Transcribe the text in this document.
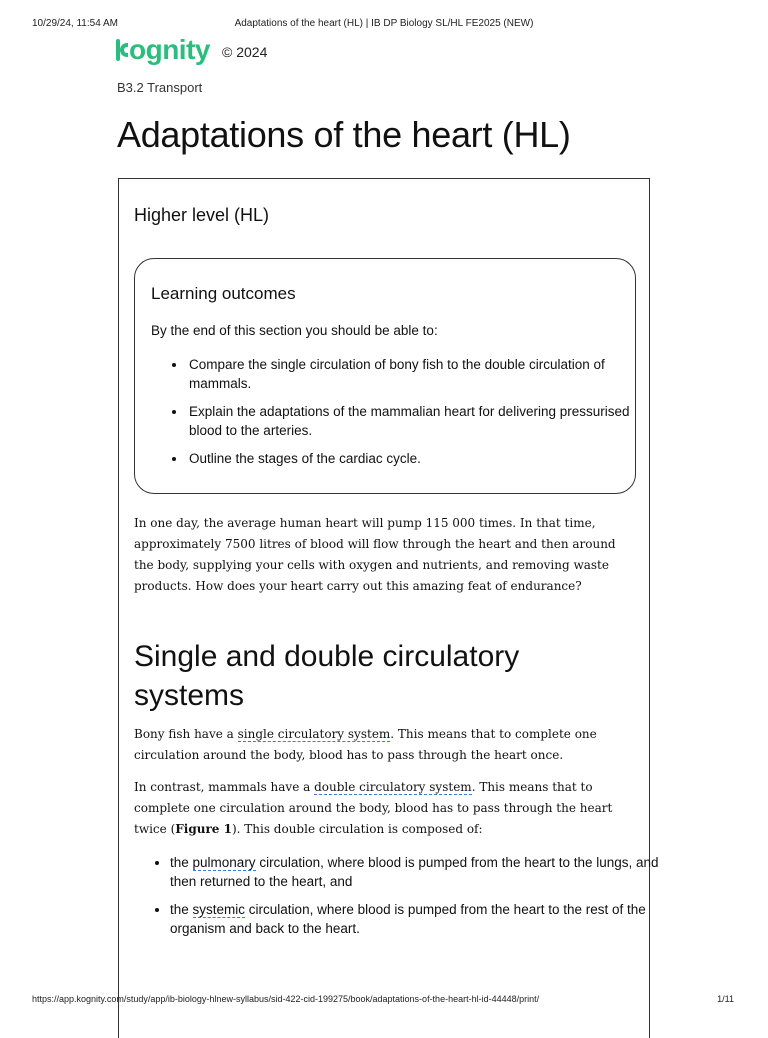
10/29/24, 11:54 AM	Adaptations of the heart (HL) | IB DP Biology SL/HL FE2025 (NEW)
ognity © 2024
B3.2 Transport
Adaptations of the heart (HL)
Higher level (HL)
Learning outcomes

By the end of this section you should be able to:

• Compare the single circulation of bony fish to the double circulation of mammals.
• Explain the adaptations of the mammalian heart for delivering pressurised blood to the arteries.
• Outline the stages of the cardiac cycle.

In one day, the average human heart will pump 115 000 times. In that time, approximately 7500 litres of blood will flow through the heart and then around the body, supplying your cells with oxygen and nutrients, and removing waste products. How does your heart carry out this amazing feat of endurance?

Single and double circulatory systems

Bony fish have a single circulatory system. This means that to complete one circulation around the body, blood has to pass through the heart once.

In contrast, mammals have a double circulatory system. This means that to complete one circulation around the body, blood has to pass through the heart twice (Figure 1). This double circulation is composed of:

• the pulmonary circulation, where blood is pumped from the heart to the lungs, and then returned to the heart, and
• the systemic circulation, where blood is pumped from the heart to the rest of the organism and back to the heart.
https://app.kognity.com/study/app/ib-biology-hlnew-syllabus/sid-422-cid-199275/book/adaptations-of-the-heart-hl-id-44448/print/	1/11
